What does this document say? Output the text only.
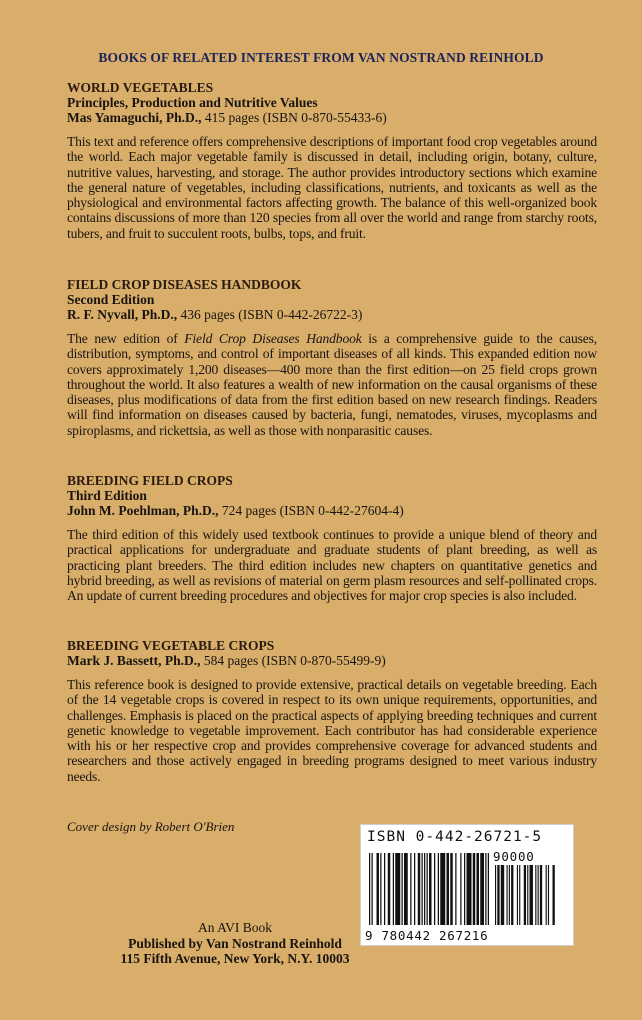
BOOKS OF RELATED INTEREST FROM VAN NOSTRAND REINHOLD
WORLD VEGETABLES
Principles, Production and Nutritive Values
Mas Yamaguchi, Ph.D., 415 pages (ISBN 0-870-55433-6)
This text and reference offers comprehensive descriptions of important food crop vegetables around the world. Each major vegetable family is discussed in detail, including origin, botany, culture, nutritive values, harvesting, and storage. The author provides introductory sections which examine the general nature of vegetables, including classifications, nutrients, and toxicants as well as the physiological and environmental factors affecting growth. The balance of this well-organized book contains discussions of more than 120 species from all over the world and range from starchy roots, tubers, and fruit to succulent roots, bulbs, tops, and fruit.
FIELD CROP DISEASES HANDBOOK
Second Edition
R. F. Nyvall, Ph.D., 436 pages (ISBN 0-442-26722-3)
The new edition of Field Crop Diseases Handbook is a comprehensive guide to the causes, distribution, symptoms, and control of important diseases of all kinds. This expanded edition now covers approximately 1,200 diseases—400 more than the first edition—on 25 field crops grown throughout the world. It also features a wealth of new information on the causal organisms of these diseases, plus modifications of data from the first edition based on new research findings. Readers will find information on diseases caused by bacteria, fungi, nematodes, viruses, mycoplasms and spiroplasms, and rickettsia, as well as those with nonparasitic causes.
BREEDING FIELD CROPS
Third Edition
John M. Poehlman, Ph.D., 724 pages (ISBN 0-442-27604-4)
The third edition of this widely used textbook continues to provide a unique blend of theory and practical applications for undergraduate and graduate students of plant breeding, as well as practicing plant breeders. The third edition includes new chapters on quantitative genetics and hybrid breeding, as well as revisions of material on germ plasm resources and self-pollinated crops. An update of current breeding procedures and objectives for major crop species is also included.
BREEDING VEGETABLE CROPS
Mark J. Bassett, Ph.D., 584 pages (ISBN 0-870-55499-9)
This reference book is designed to provide extensive, practical details on vegetable breeding. Each of the 14 vegetable crops is covered in respect to its own unique requirements, opportunities, and challenges. Emphasis is placed on the practical aspects of applying breeding techniques and current genetic knowledge to vegetable improvement. Each contributor has had considerable experience with his or her respective crop and provides comprehensive coverage for advanced students and researchers and those actively engaged in breeding programs designed to meet various industry needs.
Cover design by Robert O'Brien
ISBN 0-442-26721-5
90000
9 780442 267216
An AVI Book
Published by Van Nostrand Reinhold
115 Fifth Avenue, New York, N.Y. 10003
